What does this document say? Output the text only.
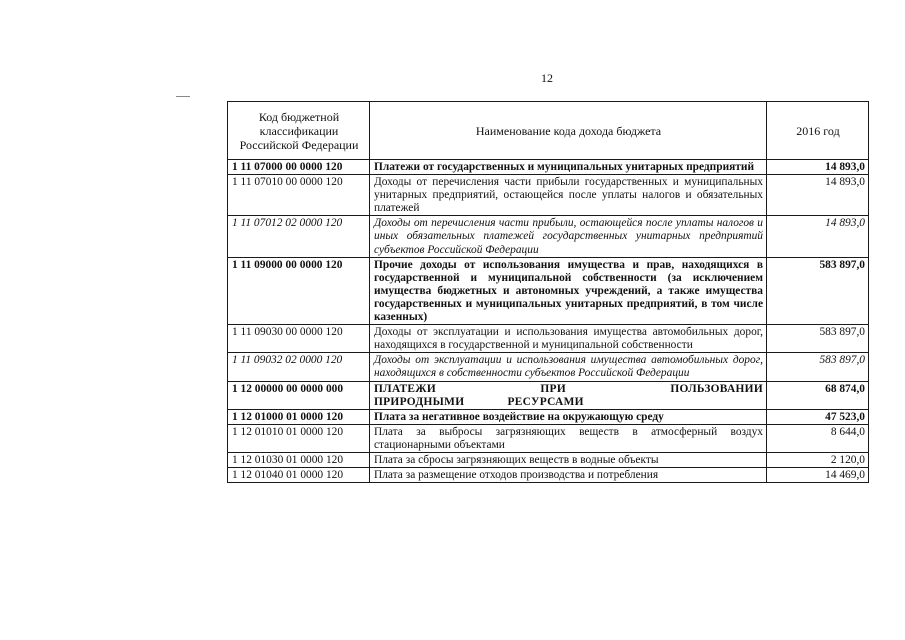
12
Код бюджетной классификации Российской Федерации	Наименование кода дохода бюджета	2016 год
1 11 07000 00 0000 120	Платежи от государственных и муниципальных унитарных предприятий	14 893,0
1 11 07010 00 0000 120	Доходы от перечисления части прибыли государственных и муниципальных унитарных предприятий, остающейся после уплаты налогов и обязательных платежей	14 893,0
1 11 07012 02 0000 120	Доходы от перечисления части прибыли, остающейся после уплаты налогов и иных обязательных платежей государственных унитарных предприятий субъектов Российской Федерации	14 893,0
1 11 09000 00 0000 120	Прочие доходы от использования имущества и прав, находящихся в государственной и муниципальной собственности (за исключением имущества бюджетных и автономных учреждений, а также имущества государственных и муниципальных унитарных предприятий, в том числе казенных)	583 897,0
1 11 09030 00 0000 120	Доходы от эксплуатации и использования имущества автомобильных дорог, находящихся в государственной и муниципальной собственности	583 897,0
1 11 09032 02 0000 120	Доходы от эксплуатации и использования имущества автомобильных дорог, находящихся в собственности субъектов Российской Федерации	583 897,0
1 12 00000 00 0000 000	ПЛАТЕЖИ ПРИ ПОЛЬЗОВАНИИ ПРИРОДНЫМИ РЕСУРСАМИ	68 874,0
1 12 01000 01 0000 120	Плата за негативное воздействие на окружающую среду	47 523,0
1 12 01010 01 0000 120	Плата за выбросы загрязняющих веществ в атмосферный воздух стационарными объектами	8 644,0
1 12 01030 01 0000 120	Плата за сбросы загрязняющих веществ в водные объекты	2 120,0
1 12 01040 01 0000 120	Плата за размещение отходов производства и потребления	14 469,0
